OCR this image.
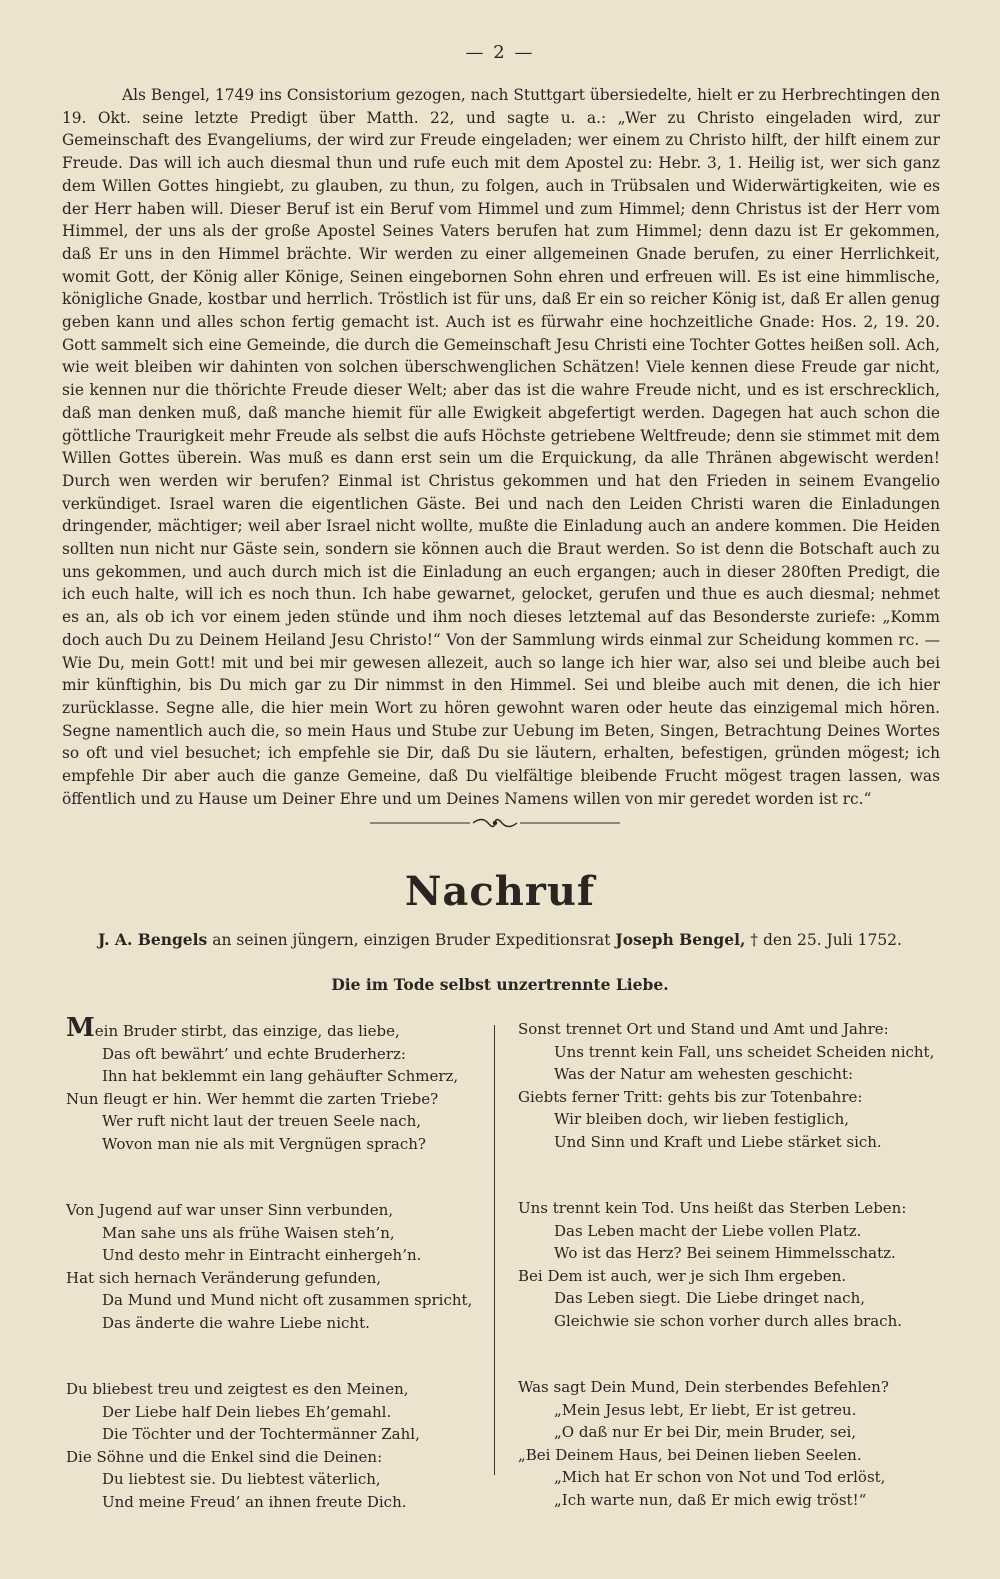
— 2 —

Als Bengel, 1749 ins Consistorium gezogen, nach Stuttgart übersiedelte, hielt er zu Herbrechtingen den 19. Okt. seine letzte Predigt über Matth. 22, und sagte u. a.: „Wer zu Christo eingeladen wird, zur Gemeinschaft des Evangeliums, der wird zur Freude eingeladen; wer einem zu Christo hilft, der hilft einem zur Freude. Das will ich auch diesmal thun und rufe euch mit dem Apostel zu: Hebr. 3, 1. Heilig ist, wer sich ganz dem Willen Gottes hingiebt, zu glauben, zu thun, zu folgen, auch in Trübsalen und Widerwärtigkeiten, wie es der Herr haben will. Dieser Beruf ist ein Beruf vom Himmel und zum Himmel; denn Christus ist der Herr vom Himmel, der uns als der große Apostel Seines Vaters berufen hat zum Himmel; denn dazu ist Er gekommen, daß Er uns in den Himmel brächte. Wir werden zu einer allgemeinen Gnade berufen, zu einer Herrlichkeit, womit Gott, der König aller Könige, Seinen eingebornen Sohn ehren und erfreuen will. Es ist eine himmlische, königliche Gnade, kostbar und herrlich. Tröstlich ist für uns, daß Er ein so reicher König ist, daß Er allen genug geben kann und alles schon fertig gemacht ist. Auch ist es fürwahr eine hochzeitliche Gnade: Hos. 2, 19. 20. Gott sammelt sich eine Gemeinde, die durch die Gemeinschaft Jesu Christi eine Tochter Gottes heißen soll. Ach, wie weit bleiben wir dahinten von solchen überschwenglichen Schätzen! Viele kennen diese Freude gar nicht, sie kennen nur die thörichte Freude dieser Welt; aber das ist die wahre Freude nicht, und es ist erschrecklich, daß man denken muß, daß manche hiemit für alle Ewigkeit abgefertigt werden. Dagegen hat auch schon die göttliche Traurigkeit mehr Freude als selbst die aufs Höchste getriebene Weltfreude; denn sie stimmet mit dem Willen Gottes überein. Was muß es dann erst sein um die Erquickung, da alle Thränen abgewischt werden! Durch wen werden wir berufen? Einmal ist Christus gekommen und hat den Frieden in seinem Evangelio verkündiget. Israel waren die eigentlichen Gäste. Bei und nach den Leiden Christi waren die Einladungen dringender, mächtiger; weil aber Israel nicht wollte, mußte die Einladung auch an andere kommen. Die Heiden sollten nun nicht nur Gäste sein, sondern sie können auch die Braut werden. So ist denn die Botschaft auch zu uns gekommen, und auch durch mich ist die Einladung an euch ergangen; auch in dieser 280ften Predigt, die ich euch halte, will ich es noch thun. Ich habe gewarnet, gelocket, gerufen und thue es auch diesmal; nehmet es an, als ob ich vor einem jeden stünde und ihm noch dieses letztemal auf das Besonderste zuriefe: „Komm doch auch Du zu Deinem Heiland Jesu Christo!“ Von der Sammlung wirds einmal zur Scheidung kommen rc. — Wie Du, mein Gott! mit und bei mir gewesen allezeit, auch so lange ich hier war, also sei und bleibe auch bei mir künftighin, bis Du mich gar zu Dir nimmst in den Himmel. Sei und bleibe auch mit denen, die ich hier zurücklasse. Segne alle, die hier mein Wort zu hören gewohnt waren oder heute das einzigemal mich hören. Segne namentlich auch die, so mein Haus und Stube zur Uebung im Beten, Singen, Betrachtung Deines Wortes so oft und viel besuchet; ich empfehle sie Dir, daß Du sie läutern, erhalten, befestigen, gründen mögest; ich empfehle Dir aber auch die ganze Gemeine, daß Du vielfältige bleibende Frucht mögest tragen lassen, was öffentlich und zu Hause um Deiner Ehre und um Deines Namens willen von mir geredet worden ist rc.“

Nachruf
J. A. Bengels an seinen jüngern, einzigen Bruder Expeditionsrat Joseph Bengel, † den 25. Juli 1752.
Die im Tode selbst unzertrennte Liebe.
Mein Bruder stirbt, das einzige, das liebe,
Das oft bewährt’ und echte Bruderherz:
Ihn hat beklemmt ein lang gehäufter Schmerz,
Nun fleugt er hin. Wer hemmt die zarten Triebe?
Wer ruft nicht laut der treuen Seele nach,
Wovon man nie als mit Vergnügen sprach?
Von Jugend auf war unser Sinn verbunden,
Man sahe uns als frühe Waisen steh’n,
Und desto mehr in Eintracht einhergeh’n.
Hat sich hernach Veränderung gefunden,
Da Mund und Mund nicht oft zusammen spricht,
Das änderte die wahre Liebe nicht.
Du bliebest treu und zeigtest es den Meinen,
Der Liebe half Dein liebes Eh’gemahl.
Die Töchter und der Tochtermänner Zahl,
Die Söhne und die Enkel sind die Deinen:
Du liebtest sie. Du liebtest väterlich,
Und meine Freud’ an ihnen freute Dich.
Sonst trennet Ort und Stand und Amt und Jahre:
Uns trennt kein Fall, uns scheidet Scheiden nicht,
Was der Natur am wehesten geschicht:
Giebts ferner Tritt: gehts bis zur Totenbahre:
Wir bleiben doch, wir lieben festiglich,
Und Sinn und Kraft und Liebe stärket sich.
Uns trennt kein Tod. Uns heißt das Sterben Leben:
Das Leben macht der Liebe vollen Platz.
Wo ist das Herz? Bei seinem Himmelsschatz.
Bei Dem ist auch, wer je sich Ihm ergeben.
Das Leben siegt. Die Liebe dringet nach,
Gleichwie sie schon vorher durch alles brach.
Was sagt Dein Mund, Dein sterbendes Befehlen?
„Mein Jesus lebt, Er liebt, Er ist getreu.
„O daß nur Er bei Dir, mein Bruder, sei,
„Bei Deinem Haus, bei Deinen lieben Seelen.
„Mich hat Er schon von Not und Tod erlöst,
„Ich warte nun, daß Er mich ewig tröst!“
